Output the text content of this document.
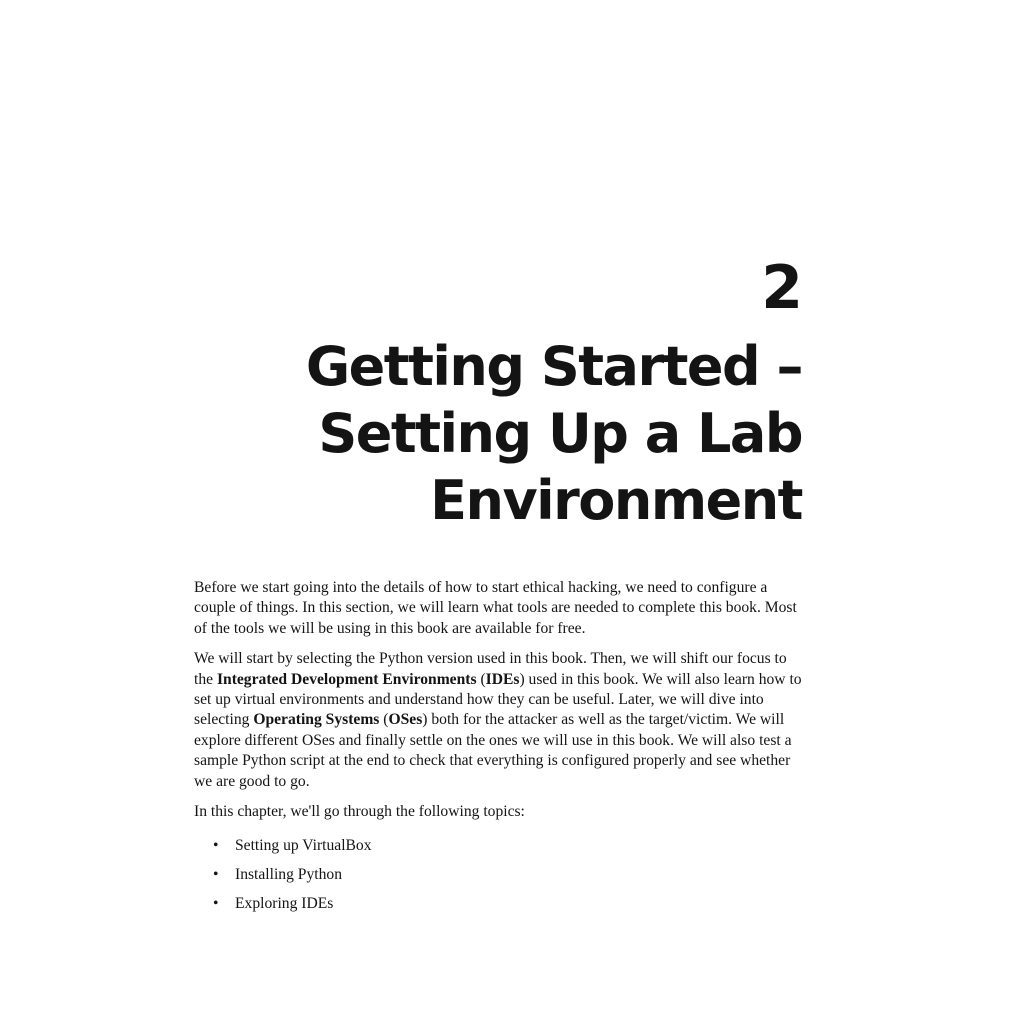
2
Getting Started –
Setting Up a Lab
Environment

Before we start going into the details of how to start ethical hacking, we need to configure a couple of things. In this section, we will learn what tools are needed to complete this book. Most of the tools we will be using in this book are available for free.

We will start by selecting the Python version used in this book. Then, we will shift our focus to the Integrated Development Environments (IDEs) used in this book. We will also learn how to set up virtual environments and understand how they can be useful. Later, we will dive into selecting Operating Systems (OSes) both for the attacker as well as the target/victim. We will explore different OSes and finally settle on the ones we will use in this book. We will also test a sample Python script at the end to check that everything is configured properly and see whether we are good to go.

In this chapter, we'll go through the following topics:

• Setting up VirtualBox
• Installing Python
• Exploring IDEs
